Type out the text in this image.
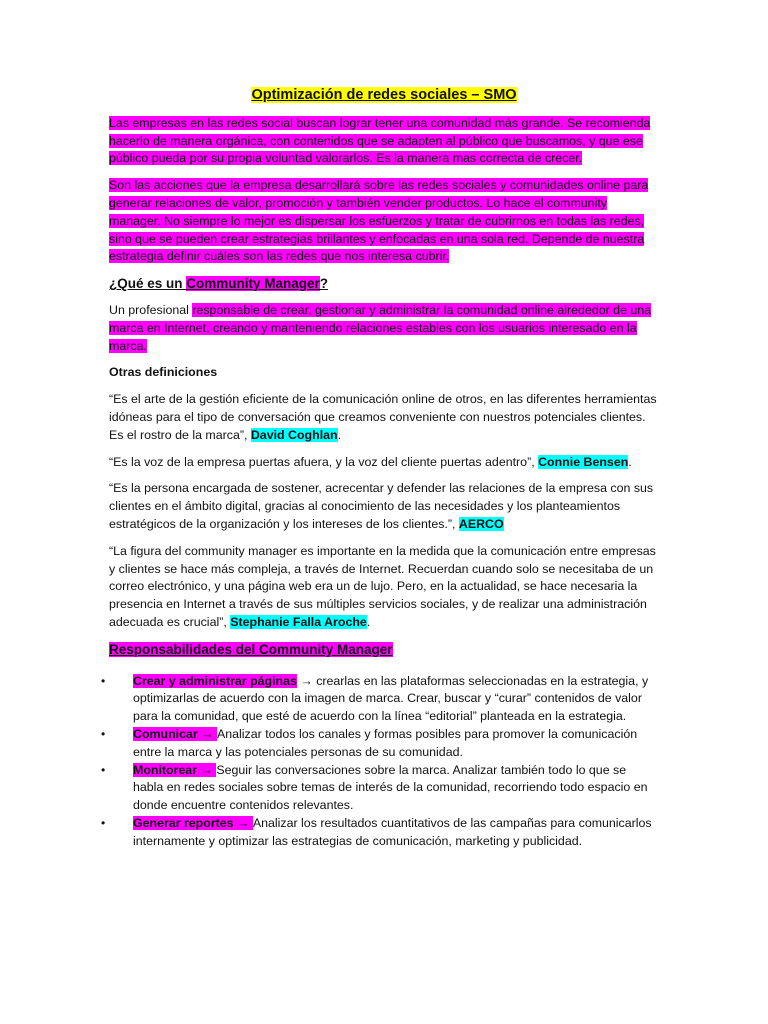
Optimización de redes sociales – SMO

Las empresas en las redes social buscan lograr tener una comunidad más grande. Se recomienda hacerlo de manera orgánica, con contenidos que se adapten al público que buscamos, y que ese público pueda por su propia voluntad valorarlos. Es la manera mas correcta de crecer.

Son las acciones que la empresa desarrollará sobre las redes sociales y comunidades online para generar relaciones de valor, promoción y también vender productos. Lo hace el community manager. No siempre lo mejor es dispersar los esfuerzos y tratar de cubrirnos en todas las redes, sino que se pueden crear estrategias brillantes y enfocadas en una sola red. Depende de nuestra estrategia definir cuáles son las redes que nos interesa cubrir.

¿Qué es un Community Manager?

Un profesional responsable de crear, gestionar y administrar la comunidad online alrededor de una marca en Internet, creando y manteniendo relaciones estables con los usuarios interesado en la marca.

Otras definiciones

“Es el arte de la gestión eficiente de la comunicación online de otros, en las diferentes herramientas idóneas para el tipo de conversación que creamos conveniente con nuestros potenciales clientes. Es el rostro de la marca”, David Coghlan.

“Es la voz de la empresa puertas afuera, y la voz del cliente puertas adentro”, Connie Bensen.

“Es la persona encargada de sostener, acrecentar y defender las relaciones de la empresa con sus clientes en el ámbito digital, gracias al conocimiento de las necesidades y los planteamientos estratégicos de la organización y los intereses de los clientes.”, AERCO

“La figura del community manager es importante en la medida que la comunicación entre empresas y clientes se hace más compleja, a través de Internet. Recuerdan cuando solo se necesitaba de un correo electrónico, y una página web era un de lujo. Pero, en la actualidad, se hace necesaria la presencia en Internet a través de sus múltiples servicios sociales, y de realizar una administración adecuada es crucial”, Stephanie Falla Aroche.

Responsabilidades del Community Manager
• Crear y administrar páginas → crearlas en las plataformas seleccionadas en la estrategia, y optimizarlas de acuerdo con la imagen de marca. Crear, buscar y “curar” contenidos de valor para la comunidad, que esté de acuerdo con la línea “editorial” planteada en la estrategia.
• Comunicar → Analizar todos los canales y formas posibles para promover la comunicación entre la marca y las potenciales personas de su comunidad.
• Monitorear → Seguir las conversaciones sobre la marca. Analizar también todo lo que se habla en redes sociales sobre temas de interés de la comunidad, recorriendo todo espacio en donde encuentre contenidos relevantes.
• Generar reportes → Analizar los resultados cuantitativos de las campañas para comunicarlos internamente y optimizar las estrategias de comunicación, marketing y publicidad.
